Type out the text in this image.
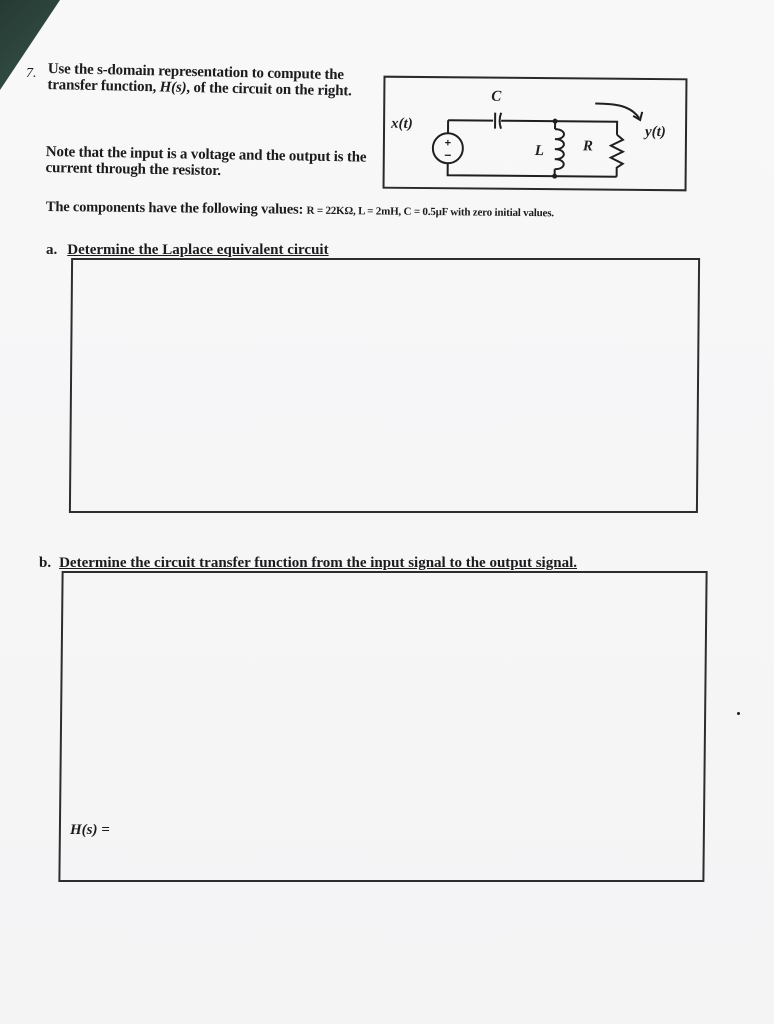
7. Use the s-domain representation to compute the transfer function, H(s), of the circuit on the right.
Note that the input is a voltage and the output is the current through the resistor.
The components have the following values: R = 22KΩ, L = 2mH, C = 0.5μF with zero initial values.
+
−
x(t)
C
L	R
y(t)
a. Determine the Laplace equivalent circuit
b. Determine the circuit transfer function from the input signal to the output signal.
H(s) =
